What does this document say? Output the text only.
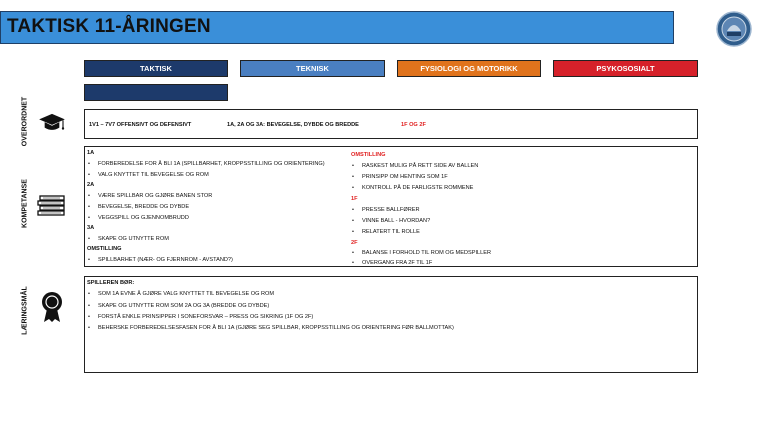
TAKTISK 11-ÅRINGEN
TAKTISK	TEKNISK	FYSIOLOGI OG MOTORIKK	PSYKOSOSIALT
OVERORDNET	1V1 – 7V7 OFFENSIVT OG DEFENSIVT	1A, 2A OG 3A: BEVEGELSE, DYBDE OG BREDDE	1F OG 2F
KOMPETANSE
1A
• FORBEREDELSE FOR Å BLI 1A (SPILLBARHET, KROPPSSTILLING OG ORIENTERING)
• VALG KNYTTET TIL BEVEGELSE OG ROM
2A
• VÆRE SPILLBAR OG GJØRE BANEN STOR
• BEVEGELSE, BREDDE OG DYBDE
• VEGGSPILL OG GJENNOMBRUDD
3A
• SKAPE OG UTNYTTE ROM
OMSTILLING
• SPILLBARHET (NÆR- OG FJERNROM - AVSTAND?)
OMSTILLING
• RASKEST MULIG PÅ RETT SIDE AV BALLEN
• PRINSIPP OM HENTING SOM 1F
• KONTROLL PÅ DE FARLIGSTE ROMMENE
1F
• PRESSE BALLFØRER
• VINNE BALL - HVORDAN?
• RELATERT TIL ROLLE
2F
• BALANSE I FORHOLD TIL ROM OG MEDSPILLER
• OVERGANG FRA 2F TIL 1F
LÆRINGSMÅL
SPILLEREN BØR:
• SOM 1A EVNE Å GJØRE VALG KNYTTET TIL BEVEGELSE OG ROM
• SKAPE OG UTNYTTE ROM SOM 2A OG 3A (BREDDE OG DYBDE)
• FORSTÅ ENKLE PRINSIPPER I SONEFORSVAR – PRESS OG SIKRING (1F OG 2F)
• BEHERSKE FORBEREDELSESFASEN FOR Å BLI 1A (GJØRE SEG SPILLBAR, KROPPSSTILLING OG ORIENTERING FØR BALLMOTTAK)
